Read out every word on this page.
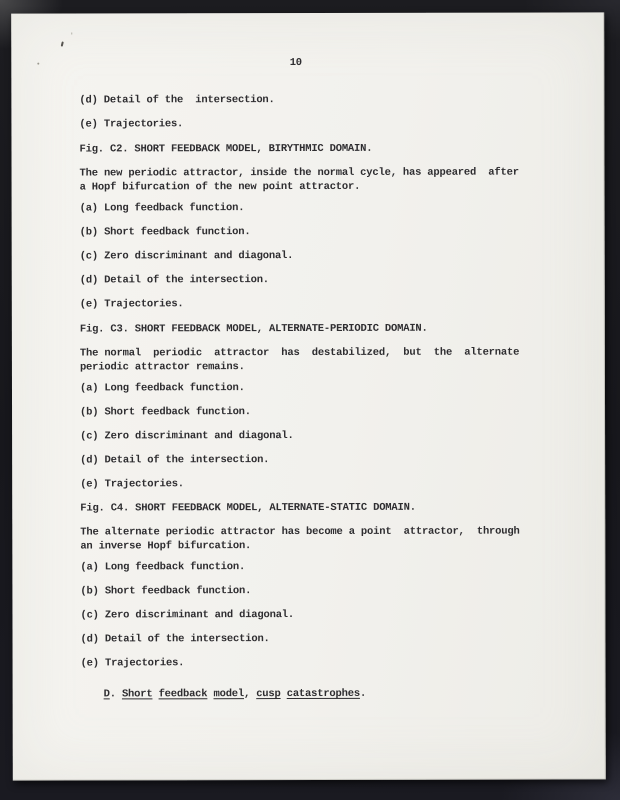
10
(d) Detail of the  intersection.
(e) Trajectories.
Fig. C2. SHORT FEEDBACK MODEL, BIRYTHMIC DOMAIN.
The new periodic attractor, inside the normal cycle, has appeared  after
a Hopf bifurcation of the new point attractor.
(a) Long feedback function.
(b) Short feedback function.
(c) Zero discriminant and diagonal.
(d) Detail of the intersection.
(e) Trajectories.
Fig. C3. SHORT FEEDBACK MODEL, ALTERNATE-PERIODIC DOMAIN.
The normal  periodic  attractor  has  destabilized,  but  the  alternate
periodic attractor remains.
(a) Long feedback function.
(b) Short feedback function.
(c) Zero discriminant and diagonal.
(d) Detail of the intersection.
(e) Trajectories.
Fig. C4. SHORT FEEDBACK MODEL, ALTERNATE-STATIC DOMAIN.
The alternate periodic attractor has become a point  attractor,  through
an inverse Hopf bifurcation.
(a) Long feedback function.
(b) Short feedback function.
(c) Zero discriminant and diagonal.
(d) Detail of the intersection.
(e) Trajectories.
D. Short feedback model, cusp catastrophes.
